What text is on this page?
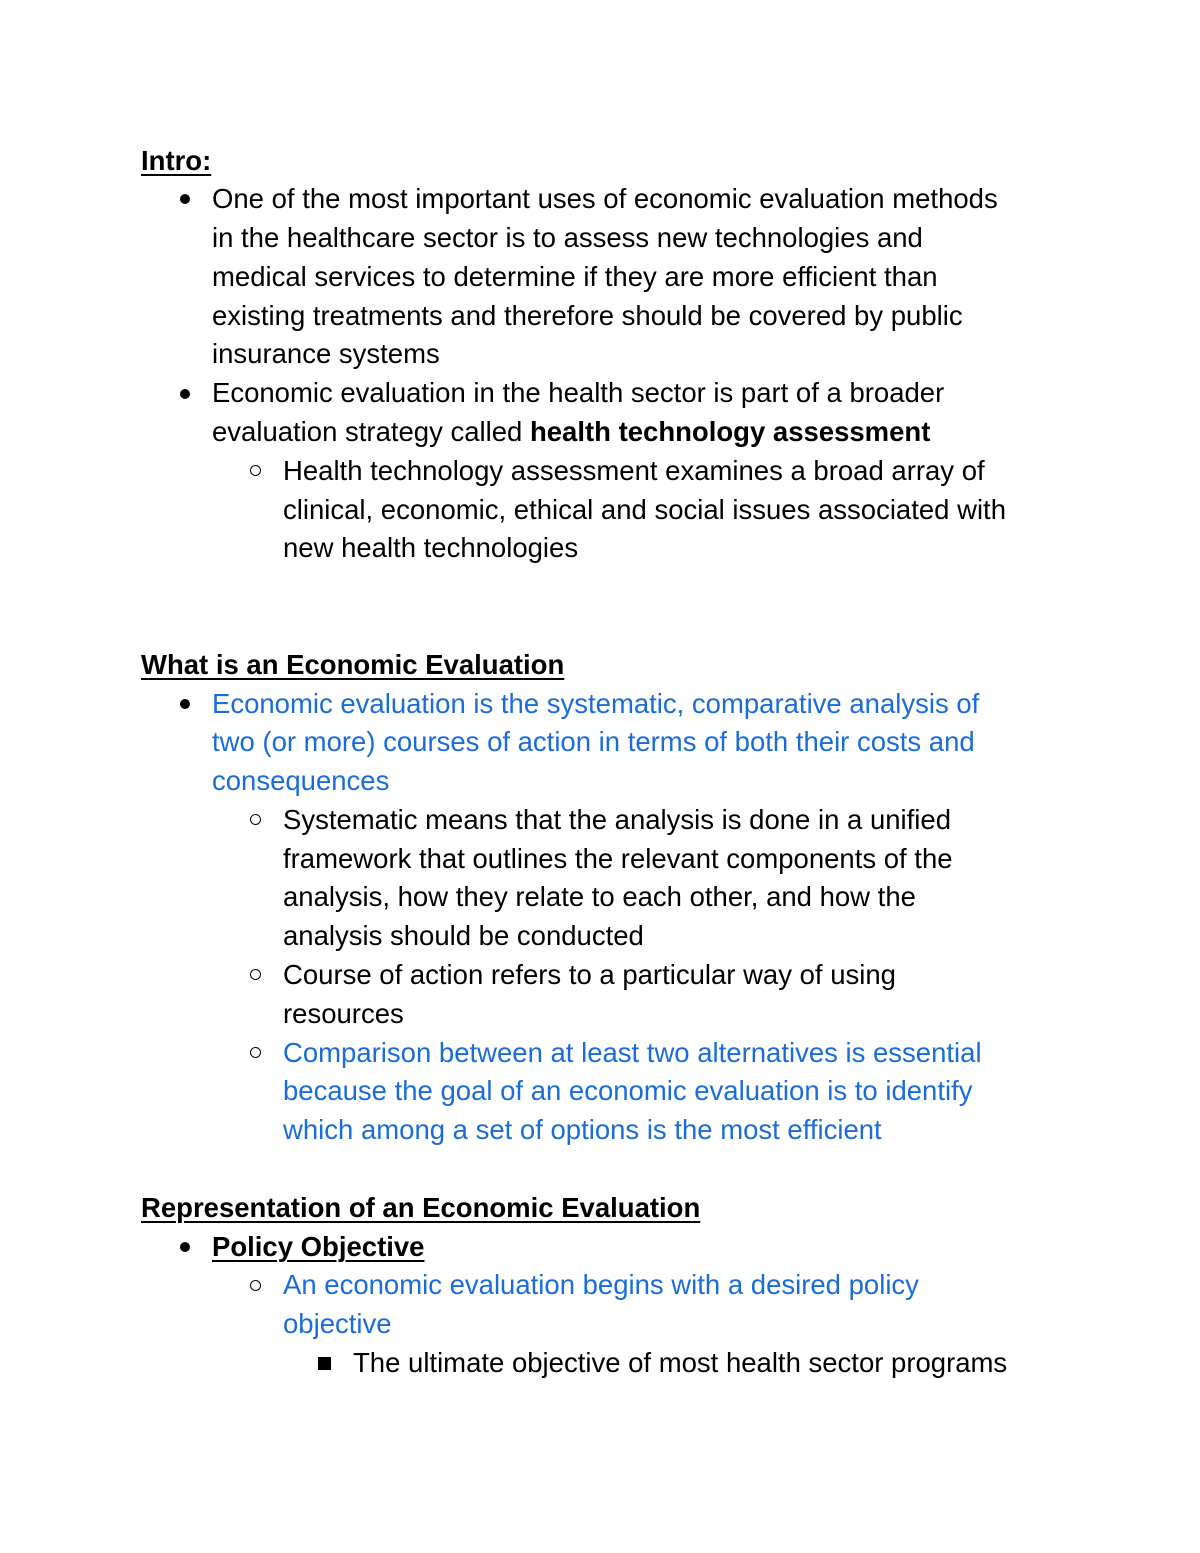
Intro:

One of the most important uses of economic evaluation methods

in the healthcare sector is to assess new technologies and

medical services to determine if they are more efficient than

existing treatments and therefore should be covered by public

insurance systems

Economic evaluation in the health sector is part of a broader

evaluation strategy called health technology assessment

Health technology assessment examines a broad array of

clinical, economic, ethical and social issues associated with

new health technologies

What is an Economic Evaluation

Economic evaluation is the systematic, comparative analysis of

two (or more) courses of action in terms of both their costs and

consequences

Systematic means that the analysis is done in a unified

framework that outlines the relevant components of the

analysis, how they relate to each other, and how the

analysis should be conducted

Course of action refers to a particular way of using

resources

Comparison between at least two alternatives is essential

because the goal of an economic evaluation is to identify

which among a set of options is the most efficient

Representation of an Economic Evaluation

Policy Objective

An economic evaluation begins with a desired policy

objective

The ultimate objective of most health sector programs
